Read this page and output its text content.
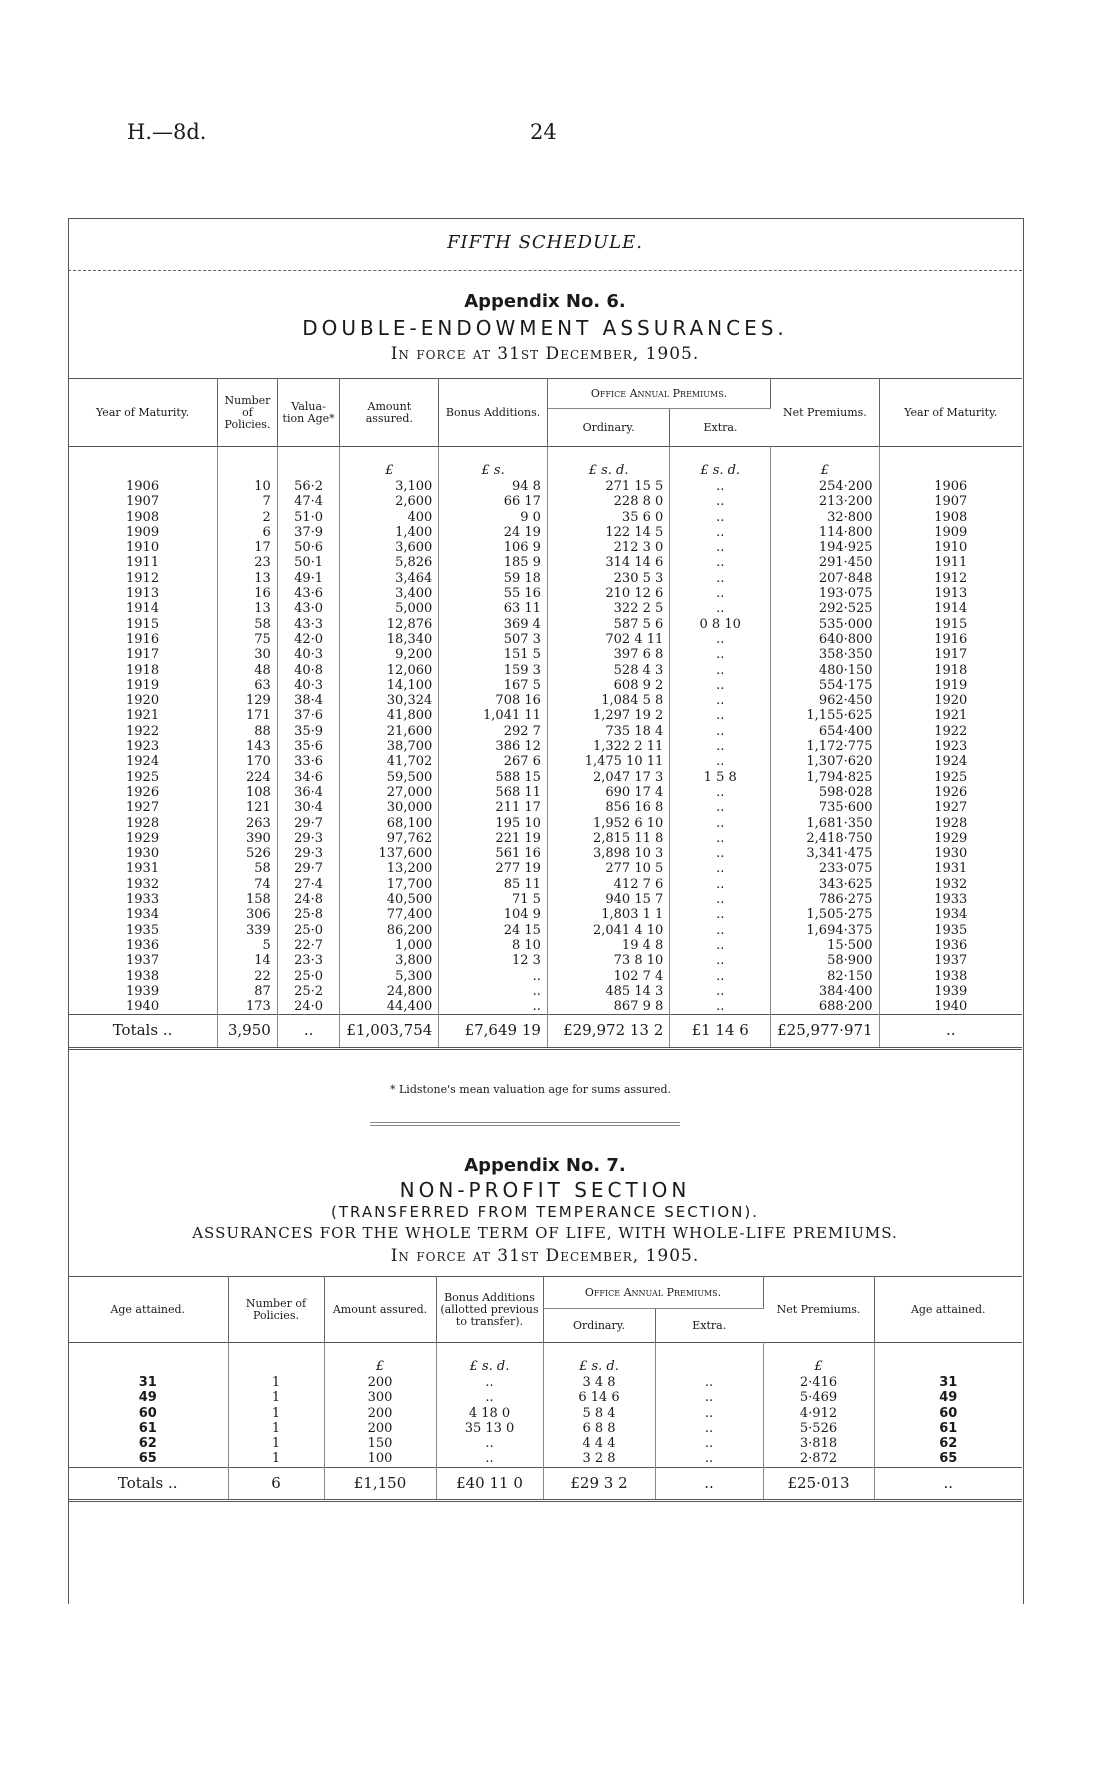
H.—8d.	24
FIFTH SCHEDULE.
Appendix No. 6.
DOUBLE-ENDOWMENT ASSURANCES.
In force at 31st December, 1905.
Year of Maturity.	Number of Policies.	Valua- tion Age*	Amount assured.	Bonus Additions.	Office Annual Premiums.		Net Premiums.	Year of Maturity.
					Ordinary.	Extra.		
			£	£ s.	£ s. d.	£ s. d.	£	
1906	10	56·2	3,100	94 8	271 15 5	..	254·200	1906
1907	7	47·4	2,600	66 17	228 8 0	..	213·200	1907
1908	2	51·0	400	9 0	35 6 0	..	32·800	1908
1909	6	37·9	1,400	24 19	122 14 5	..	114·800	1909
1910	17	50·6	3,600	106 9	212 3 0	..	194·925	1910
1911	23	50·1	5,826	185 9	314 14 6	..	291·450	1911
1912	13	49·1	3,464	59 18	230 5 3	..	207·848	1912
1913	16	43·6	3,400	55 16	210 12 6	..	193·075	1913
1914	13	43·0	5,000	63 11	322 2 5	..	292·525	1914
1915	58	43·3	12,876	369 4	587 5 6	0 8 10	535·000	1915
1916	75	42·0	18,340	507 3	702 4 11	..	640·800	1916
1917	30	40·3	9,200	151 5	397 6 8	..	358·350	1917
1918	48	40·8	12,060	159 3	528 4 3	..	480·150	1918
1919	63	40·3	14,100	167 5	608 9 2	..	554·175	1919
1920	129	38·4	30,324	708 16	1,084 5 8	..	962·450	1920
1921	171	37·6	41,800	1,041 11	1,297 19 2	..	1,155·625	1921
1922	88	35·9	21,600	292 7	735 18 4	..	654·400	1922
1923	143	35·6	38,700	386 12	1,322 2 11	..	1,172·775	1923
1924	170	33·6	41,702	267 6	1,475 10 11	..	1,307·620	1924
1925	224	34·6	59,500	588 15	2,047 17 3	1 5 8	1,794·825	1925
1926	108	36·4	27,000	568 11	690 17 4	..	598·028	1926
1927	121	30·4	30,000	211 17	856 16 8	..	735·600	1927
1928	263	29·7	68,100	195 10	1,952 6 10	..	1,681·350	1928
1929	390	29·3	97,762	221 19	2,815 11 8	..	2,418·750	1929
1930	526	29·3	137,600	561 16	3,898 10 3	..	3,341·475	1930
1931	58	29·7	13,200	277 19	277 10 5	..	233·075	1931
1932	74	27·4	17,700	85 11	412 7 6	..	343·625	1932
1933	158	24·8	40,500	71 5	940 15 7	..	786·275	1933
1934	306	25·8	77,400	104 9	1,803 1 1	..	1,505·275	1934
1935	339	25·0	86,200	24 15	2,041 4 10	..	1,694·375	1935
1936	5	22·7	1,000	8 10	19 4 8	..	15·500	1936
1937	14	23·3	3,800	12 3	73 8 10	..	58·900	1937
1938	22	25·0	5,300	..	102 7 4	..	82·150	1938
1939	87	25·2	24,800	..	485 14 3	..	384·400	1939
1940	173	24·0	44,400	..	867 9 8	..	688·200	1940
Totals ..	3,950	..	£1,003,754	£7,649 19	£29,972 13 2	£1 14 6	£25,977·971	..
* Lidstone's mean valuation age for sums assured.
Appendix No. 7.
NON-PROFIT SECTION
(TRANSFERRED FROM TEMPERANCE SECTION).
ASSURANCES FOR THE WHOLE TERM OF LIFE, WITH WHOLE-LIFE PREMIUMS.
In force at 31st December, 1905.
Age attained.	Number of Policies.	Amount assured.	Bonus Additions (allotted previous to transfer).	Office Annual Premiums.		Net Premiums.	Age attained.
				Ordinary.	Extra.		
		£	£ s. d.	£ s. d.		£	
31	1	200	..	3 4 8	..	2·416	31
49	1	300	..	6 14 6	..	5·469	49
60	1	200	4 18 0	5 8 4	..	4·912	60
61	1	200	35 13 0	6 8 8	..	5·526	61
62	1	150	..	4 4 4	..	3·818	62
65	1	100	..	3 2 8	..	2·872	65
Totals ..	6	£1,150	£40 11 0	£29 3 2	..	£25·013	..
